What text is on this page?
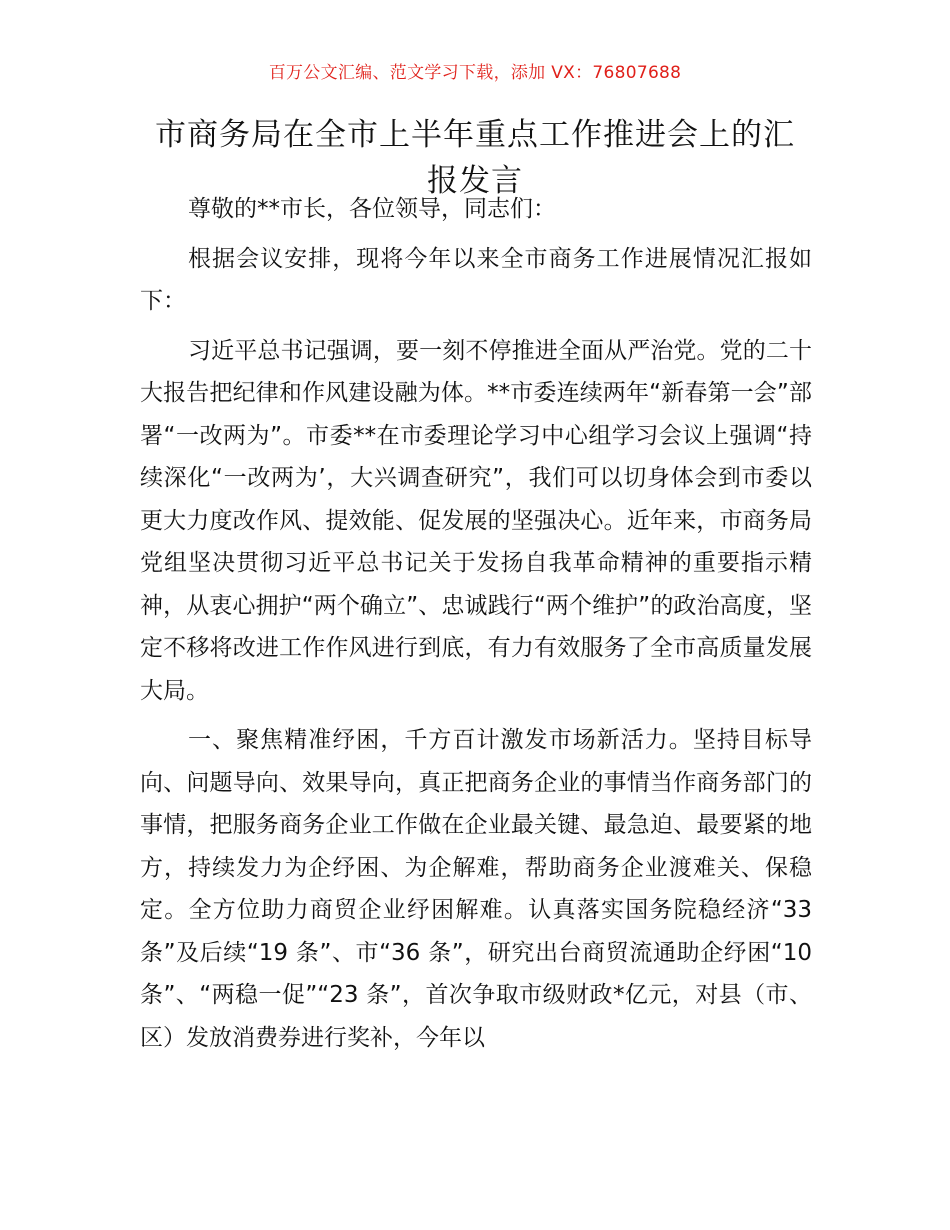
百万公文汇编、范文学习下载，添加 VX：76807688
市商务局在全市上半年重点工作推进会上的汇报发言

尊敬的**市长，各位领导，同志们：

根据会议安排，现将今年以来全市商务工作进展情况汇报如下：

习近平总书记强调，要一刻不停推进全面从严治党。党的二十大报告把纪律和作风建设融为体。**市委连续两年“新春第一会”部署“一改两为”。市委**在市委理论学习中心组学习会议上强调“持续深化“一改两为’，大兴调查研究”，我们可以切身体会到市委以更大力度改作风、提效能、促发展的坚强决心。近年来，市商务局党组坚决贯彻习近平总书记关于发扬自我革命精神的重要指示精神，从衷心拥护“两个确立”、忠诚践行“两个维护”的政治高度，坚定不移将改进工作作风进行到底，有力有效服务了全市高质量发展大局。

一、聚焦精准纾困，千方百计激发市场新活力。坚持目标导向、问题导向、效果导向，真正把商务企业的事情当作商务部门的事情，把服务商务企业工作做在企业最关键、最急迫、最要紧的地方，持续发力为企纾困、为企解难，帮助商务企业渡难关、保稳定。全方位助力商贸企业纾困解难。认真落实国务院稳经济“33 条”及后续“19 条”、市“36 条”，研究出台商贸流通助企纾困“10 条”、“两稳一促”“23 条”，首次争取市级财政*亿元，对县（市、区）发放消费券进行奖补，今年以
